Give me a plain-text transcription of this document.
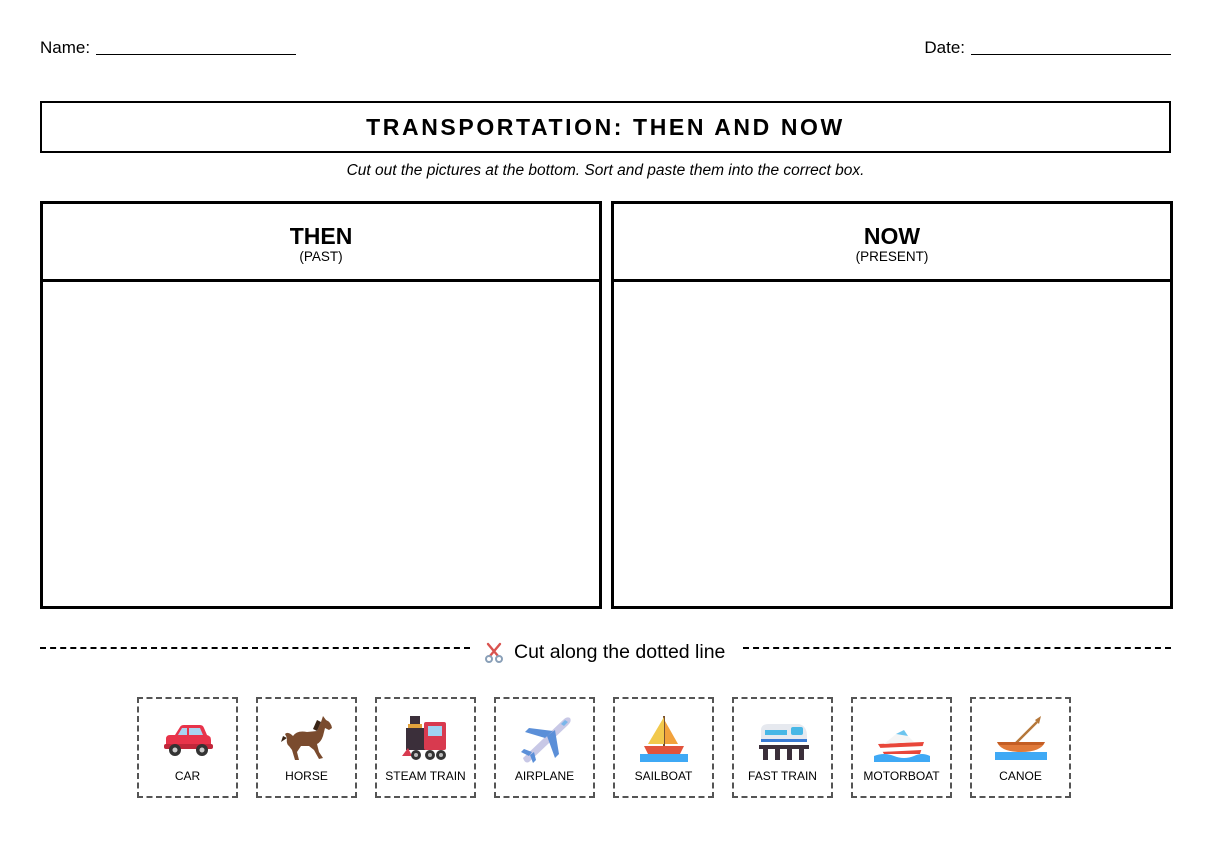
Name:	Date:
TRANSPORTATION: THEN AND NOW
Cut out the pictures at the bottom. Sort and paste them into the correct box.
THEN
(PAST)
NOW
(PRESENT)
Cut along the dotted line
CAR	HORSE	STEAM TRAIN	AIRPLANE	SAILBOAT	FAST TRAIN	MOTORBOAT	CANOE
